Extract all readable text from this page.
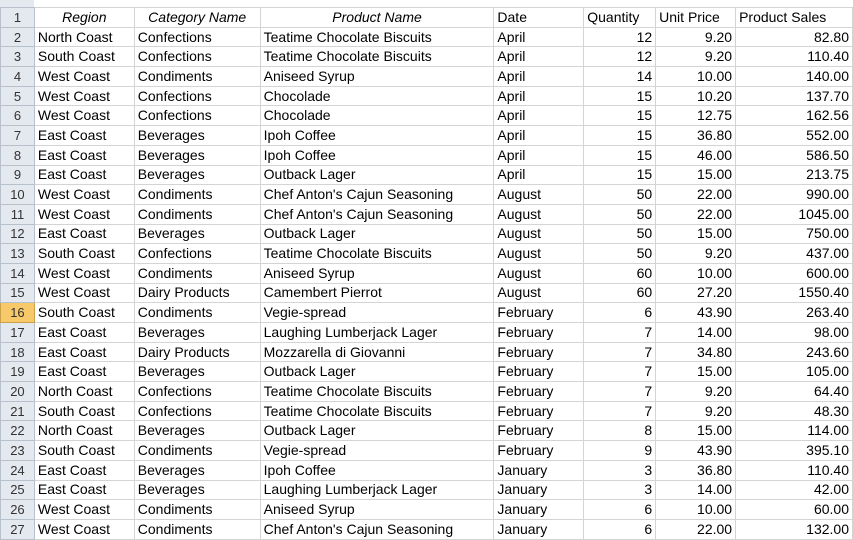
1	Region	Category Name	Product Name	Date	Quantity	Unit Price	Product Sales
2	North Coast	Confections	Teatime Chocolate Biscuits	April	12	9.20	82.80
3	South Coast	Confections	Teatime Chocolate Biscuits	April	12	9.20	110.40
4	West Coast	Condiments	Aniseed Syrup	April	14	10.00	140.00
5	West Coast	Confections	Chocolade	April	15	10.20	137.70
6	West Coast	Confections	Chocolade	April	15	12.75	162.56
7	East Coast	Beverages	Ipoh Coffee	April	15	36.80	552.00
8	East Coast	Beverages	Ipoh Coffee	April	15	46.00	586.50
9	East Coast	Beverages	Outback Lager	April	15	15.00	213.75
10	West Coast	Condiments	Chef Anton's Cajun Seasoning	August	50	22.00	990.00
11	West Coast	Condiments	Chef Anton's Cajun Seasoning	August	50	22.00	1045.00
12	East Coast	Beverages	Outback Lager	August	50	15.00	750.00
13	South Coast	Confections	Teatime Chocolate Biscuits	August	50	9.20	437.00
14	West Coast	Condiments	Aniseed Syrup	August	60	10.00	600.00
15	West Coast	Dairy Products	Camembert Pierrot	August	60	27.20	1550.40
16	South Coast	Condiments	Vegie-spread	February	6	43.90	263.40
17	East Coast	Beverages	Laughing Lumberjack Lager	February	7	14.00	98.00
18	East Coast	Dairy Products	Mozzarella di Giovanni	February	7	34.80	243.60
19	East Coast	Beverages	Outback Lager	February	7	15.00	105.00
20	North Coast	Confections	Teatime Chocolate Biscuits	February	7	9.20	64.40
21	South Coast	Confections	Teatime Chocolate Biscuits	February	7	9.20	48.30
22	North Coast	Beverages	Outback Lager	February	8	15.00	114.00
23	South Coast	Condiments	Vegie-spread	February	9	43.90	395.10
24	East Coast	Beverages	Ipoh Coffee	January	3	36.80	110.40
25	East Coast	Beverages	Laughing Lumberjack Lager	January	3	14.00	42.00
26	West Coast	Condiments	Aniseed Syrup	January	6	10.00	60.00
27	West Coast	Condiments	Chef Anton's Cajun Seasoning	January	6	22.00	132.00
